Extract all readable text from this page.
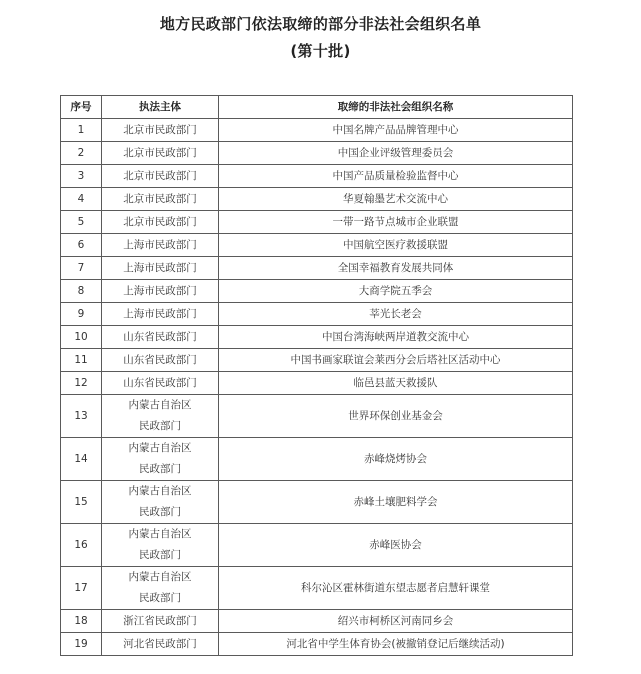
地方民政部门依法取缔的部分非法社会组织名单
(第十批)
序号	执法主体	取缔的非法社会组织名称
1	北京市民政部门	中国名牌产品品牌管理中心
2	北京市民政部门	中国企业评级管理委员会
3	北京市民政部门	中国产品质量检验监督中心
4	北京市民政部门	华夏翰墨艺术交流中心
5	北京市民政部门	一带一路节点城市企业联盟
6	上海市民政部门	中国航空医疗救援联盟
7	上海市民政部门	全国幸福教育发展共同体
8	上海市民政部门	大商学院五季会
9	上海市民政部门	莘光长老会
10	山东省民政部门	中国台湾海峡两岸道教交流中心
11	山东省民政部门	中国书画家联谊会莱西分会后塔社区活动中心
12	山东省民政部门	临邑县蓝天救援队
13	内蒙古自治区
民政部门	世界环保创业基金会
14	内蒙古自治区
民政部门	赤峰烧烤协会
15	内蒙古自治区
民政部门	赤峰土壤肥料学会
16	内蒙古自治区
民政部门	赤峰医协会
17	内蒙古自治区
民政部门	科尔沁区霍林街道东望志愿者启慧轩课堂
18	浙江省民政部门	绍兴市柯桥区河南同乡会
19	河北省民政部门	河北省中学生体育协会(被撤销登记后继续活动)
